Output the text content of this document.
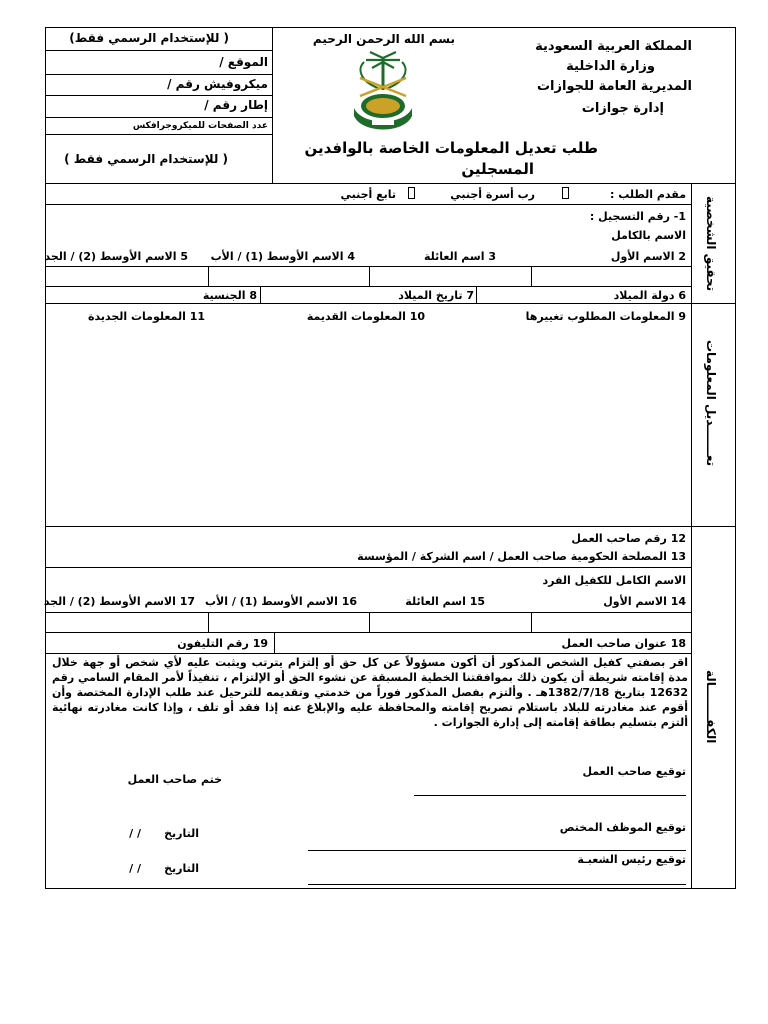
المملكة العربية السعودية
وزارة الداخلية
المديرية العامة للجوازات
إدارة جوازات
بسم الله الرحمن الرحيم
طلب تعديل المعلومات الخاصة بالوافدين
المسجلين
( للإستخدام الرسمي فقط)
الموقع /
ميكروفيش رقم /
إطار رقم /
عدد الصفحات للميكروجرافكس
( للإستخدام الرسمي فقط )
تحقيق الشخصية
تعـــــــديل المعلومات
الكفــــــــالة
مقدم الطلب :
رب أسرة أجنبي
تابع أجنبي
1- رقم التسجيل :
الاسم بالكامل
2 الاسم الأول
3 اسم العائلة
4 الاسم الأوسط (1) / الأب
5 الاسم الأوسط (2) / الجد
6 دولة الميلاد
7 تاريخ الميلاد
8 الجنسية
9 المعلومات المطلوب تغييرها
10 المعلومات القديمة
11 المعلومات الجديدة
12 رقم صاحب العمل
13 المصلحة الحكومية صاحب العمل / اسم الشركة / المؤسسة
الاسم الكامل للكفيل الفرد
14 الاسم الأول
15 اسم العائلة
16 الاسم الأوسط (1) / الأب
17 الاسم الأوسط (2) / الجد
18 عنوان صاحب العمل
19 رقم التليفون
اقر بصفتي كفيل الشخص المذكور أن أكون مسؤولاً عن كل حق أو إلتزام يترتب ويثبت عليه لأي شخص أو جهة خلال مدة إقامته شريطة أن يكون ذلك بموافقتنا الخطية المسبقة عن نشوء الحق أو الإلتزام ، تنفيذاً لأمر المقام السامي رقم 12632 بتاريخ 1382/7/18هـ . وألتزم بفصل المذكور فوراً من خدمتي وتقديمه للترحيل عند طلب الإدارة المختصة وأن أقوم عند مغادرته للبلاد باستلام تصريح إقامته والمحافظة عليه والإبلاغ عنه إذا فقد أو تلف ، وإذا كانت مغادرته نهائية ألتزم بتسليم بطاقة إقامته إلى إدارة الجوازات .
توقيع صاحب العمل
ختم صاحب العمل
توقيع الموظف المختص
التاريخ
/ /
توقيع رئيس الشعبـة
التاريخ
/ /
